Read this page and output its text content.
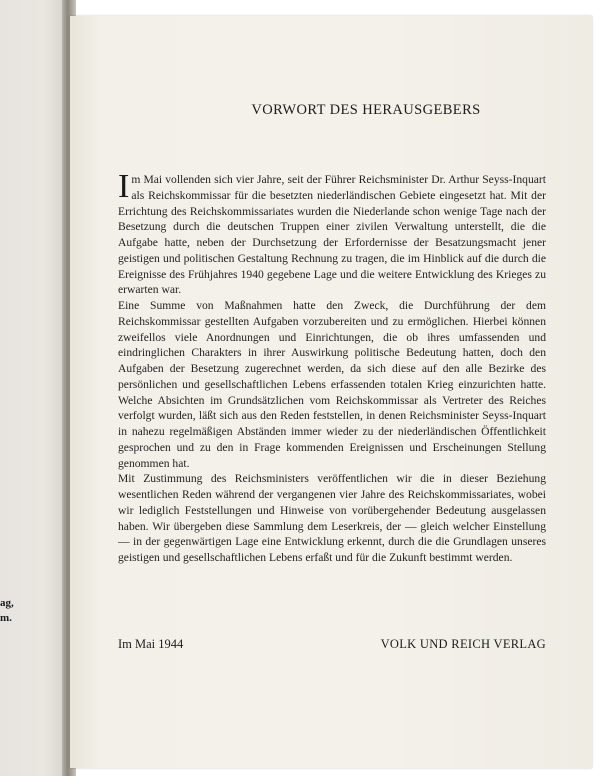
ag,
m.
VORWORT DES HERAUSGEBERS

Im Mai vollenden sich vier Jahre, seit der Führer Reichsminister Dr. Arthur Seyss-Inquart als Reichskommissar für die besetzten niederländischen Gebiete eingesetzt hat. Mit der Errichtung des Reichskommissariates wurden die Niederlande schon wenige Tage nach der Besetzung durch die deutschen Truppen einer zivilen Verwaltung unterstellt, die die Aufgabe hatte, neben der Durchsetzung der Erfordernisse der Besatzungsmacht jener geistigen und politischen Gestaltung Rechnung zu tragen, die im Hinblick auf die durch die Ereignisse des Frühjahres 1940 gegebene Lage und die weitere Entwicklung des Krieges zu erwarten war.

Eine Summe von Maßnahmen hatte den Zweck, die Durchführung der dem Reichskommissar gestellten Aufgaben vorzubereiten und zu ermöglichen. Hierbei können zweifellos viele Anordnungen und Einrichtungen, die ob ihres umfassenden und eindringlichen Charakters in ihrer Auswirkung politische Bedeutung hatten, doch den Aufgaben der Besetzung zugerechnet werden, da sich diese auf den alle Bezirke des persönlichen und gesellschaftlichen Lebens erfassenden totalen Krieg einzurichten hatte. Welche Absichten im Grundsätzlichen vom Reichskommissar als Vertreter des Reiches verfolgt wurden, läßt sich aus den Reden feststellen, in denen Reichsminister Seyss-Inquart in nahezu regelmäßigen Abständen immer wieder zu der niederländischen Öffentlichkeit gesprochen und zu den in Frage kommenden Ereignissen und Erscheinungen Stellung genommen hat.

Mit Zustimmung des Reichsministers veröffentlichen wir die in dieser Beziehung wesentlichen Reden während der vergangenen vier Jahre des Reichskommissariates, wobei wir lediglich Feststellungen und Hinweise von vorübergehender Bedeutung ausgelassen haben. Wir übergeben diese Sammlung dem Leserkreis, der — gleich welcher Einstellung — in der gegenwärtigen Lage eine Entwicklung erkennt, durch die die Grundlagen unseres geistigen und gesellschaftlichen Lebens erfaßt und für die Zukunft bestimmt werden.

Im Mai 1944	VOLK UND REICH VERLAG
